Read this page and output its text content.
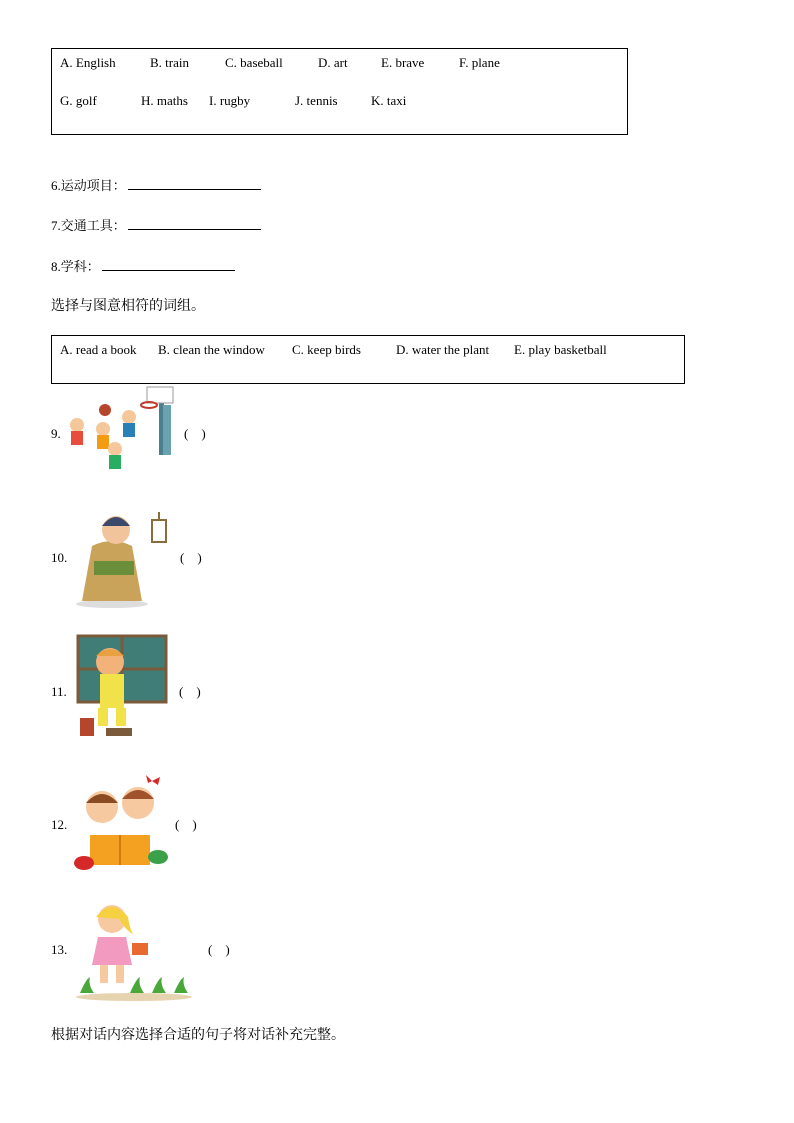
A. English	B. train	C. baseball	D. art	E. brave	F. plane
G. golf	H. maths I. rugby	J. tennis	K. taxi
6.运动项目：
7.交通工具：
8.学科：
选择与图意相符的词组。
A. read a book B. clean the window C. keep birds	D. water the plant E. play basketball
9.	(    )
10.	(    )
11.	(    )
12.	(    )
13.	(    )
根据对话内容选择合适的句子将对话补充完整。
